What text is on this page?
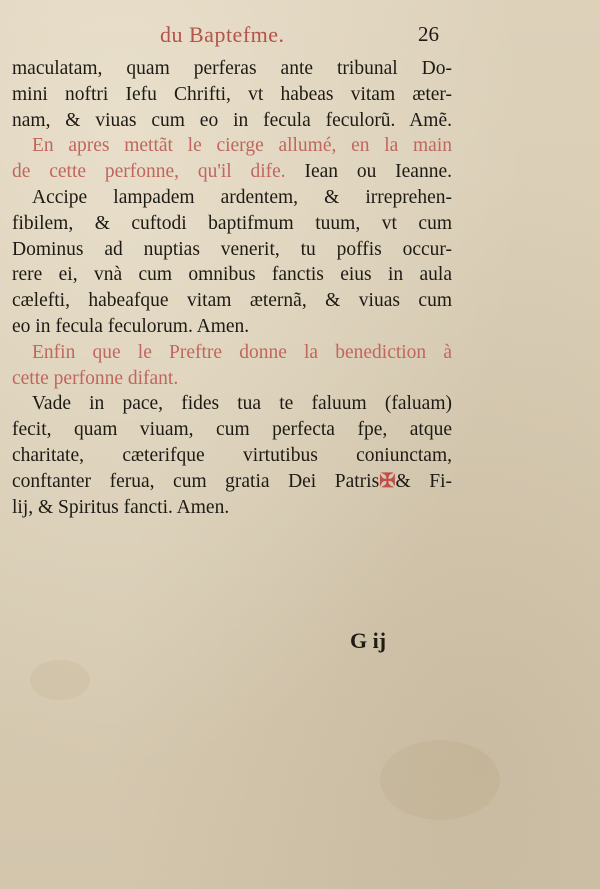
du Baptefme.	26
maculatam, quam perferas ante tribunal Do-
mini noftri Iefu Chrifti, vt habeas vitam æter-
nam, & viuas cum eo in fecula feculorũ. Amẽ.
En apres mettãt le cierge allumé, en la main
de cette perfonne, qu'il dife. Iean ou Ieanne.
Accipe lampadem ardentem, & irreprehen-
fibilem, & cuftodi baptifmum tuum, vt cum
Dominus ad nuptias venerit, tu poffis occur-
rere ei, vnà cum omnibus fanctis eius in aula
cælefti, habeafque vitam æternã, & viuas cum
eo in fecula feculorum. Amen.
Enfin que le Preftre donne la benediction à
cette perfonne difant.
Vade in pace, fides tua te faluum (faluam)
fecit, quam viuam, cum perfecta fpe, atque
charitate, cæterifque virtutibus coniunctam,
conftanter ferua, cum gratia Dei Patris✠& Fi-
lij, & Spiritus fancti. Amen.
G ij
